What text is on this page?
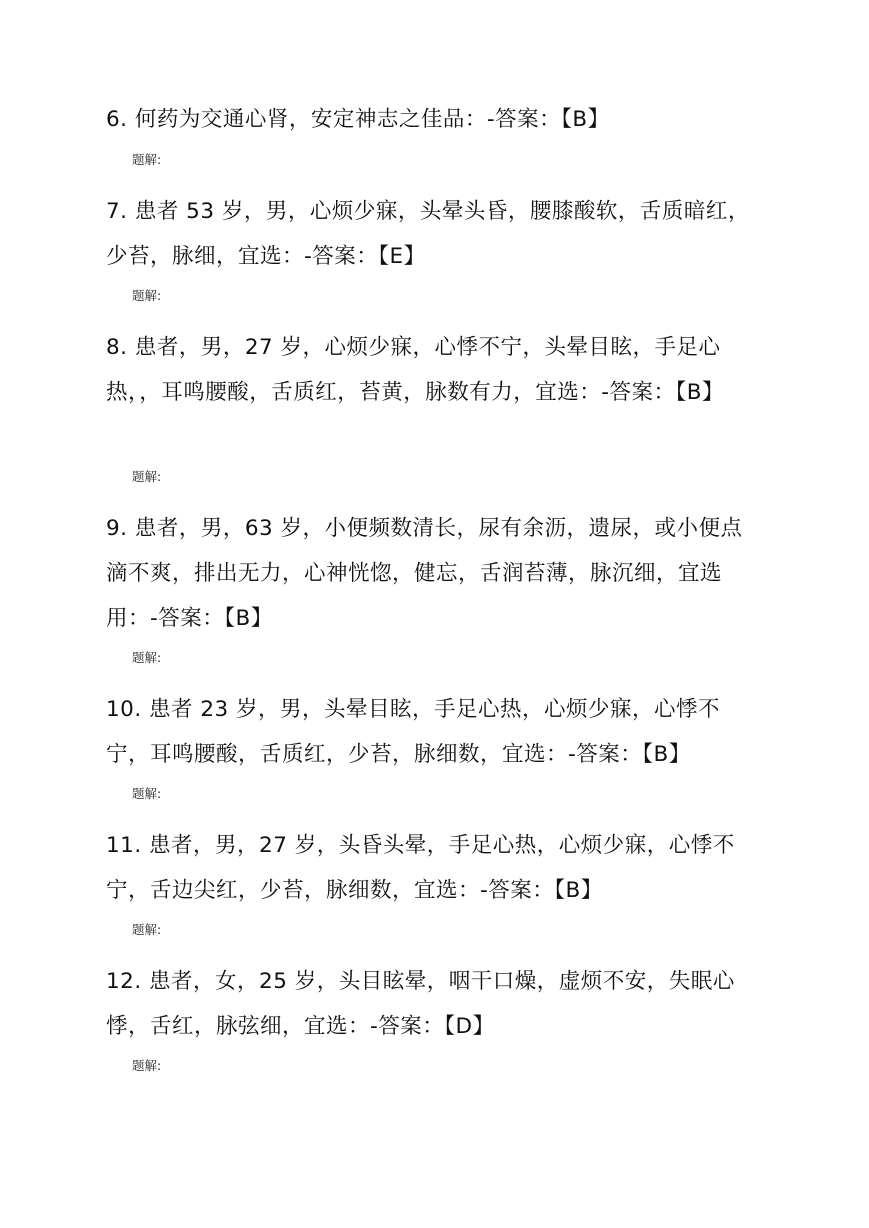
6. 何药为交通心肾，安定神志之佳品：-答案：【B】
题解:
7. 患者 53 岁，男，心烦少寐，头晕头昏，腰膝酸软，舌质暗红，少苔，脉细，宜选：-答案：【E】
题解:
8. 患者，男，27 岁，心烦少寐，心悸不宁，头晕目眩，手足心热，，耳鸣腰酸，舌质红，苔黄，脉数有力，宜选：-答案：【B】
题解:
9. 患者，男，63 岁，小便频数清长，尿有余沥，遗尿，或小便点滴不爽，排出无力，心神恍惚，健忘，舌润苔薄，脉沉细，宜选用：-答案：【B】
题解:
10. 患者 23 岁，男，头晕目眩，手足心热，心烦少寐，心悸不宁，耳鸣腰酸，舌质红，少苔，脉细数，宜选：-答案：【B】
题解:
11. 患者，男，27 岁，头昏头晕，手足心热，心烦少寐，心悸不宁，舌边尖红，少苔，脉细数，宜选：-答案：【B】
题解:
12. 患者，女，25 岁，头目眩晕，咽干口燥，虚烦不安，失眠心悸，舌红，脉弦细，宜选：-答案：【D】
题解:
